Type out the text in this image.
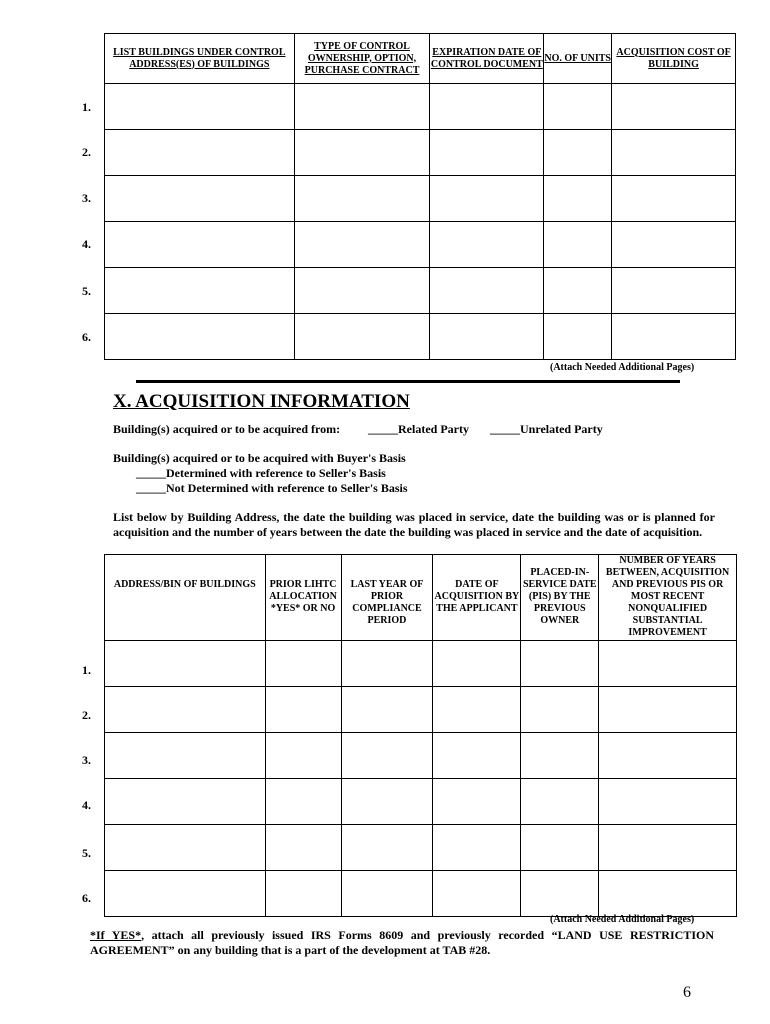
LIST BUILDINGS UNDER CONTROL ADDRESS(ES) OF BUILDINGS	TYPE OF CONTROL OWNERSHIP, OPTION, PURCHASE CONTRACT	EXPIRATION DATE OF CONTROL DOCUMENT	NO. OF UNITS	ACQUISITION COST OF BUILDING

1.
2.
3.
4.
5.
6.
(Attach Needed Additional Pages)
X. ACQUISITION INFORMATION
Building(s) acquired or to be acquired from: _____Related Party _____Unrelated Party
Building(s) acquired or to be acquired with Buyer's Basis
_____Determined with reference to Seller's Basis
_____Not Determined with reference to Seller's Basis
List below by Building Address, the date the building was placed in service, date the building was or is planned for acquisition and the number of years between the date the building was placed in service and the date of acquisition.
ADDRESS/BIN OF BUILDINGS	PRIOR LIHTC ALLOCATION *YES* OR NO	LAST YEAR OF PRIOR COMPLIANCE PERIOD	DATE OF ACQUISITION BY THE APPLICANT	PLACED-IN-SERVICE DATE (PIS) BY THE PREVIOUS OWNER	NUMBER OF YEARS BETWEEN, ACQUISITION AND PREVIOUS PIS OR MOST RECENT NONQUALIFIED SUBSTANTIAL IMPROVEMENT

1.
2.
3.
4.
5.
6.
(Attach Needed Additional Pages)
*If YES*, attach all previously issued IRS Forms 8609 and previously recorded “LAND USE RESTRICTION AGREEMENT” on any building that is a part of the development at TAB #28.
6
